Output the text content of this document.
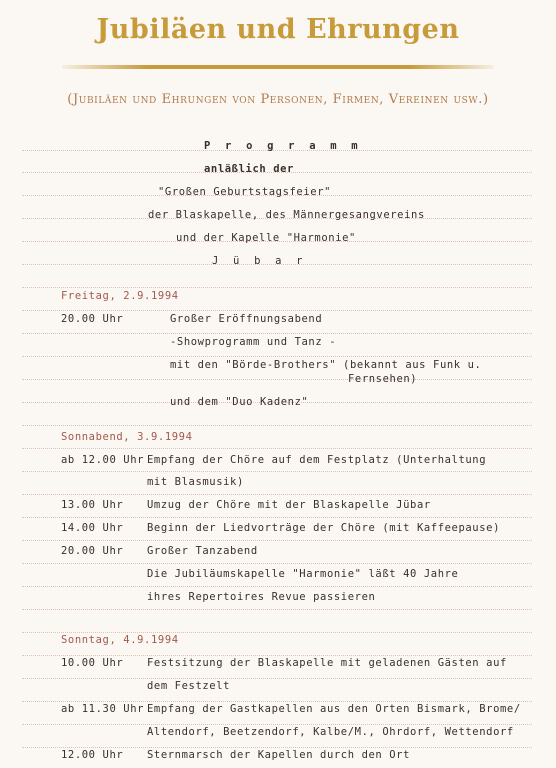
Jubiläen und Ehrungen
(Jubiläen und Ehrungen von Personen, Firmen, Vereinen usw.)
P r o g r a m m
anläßlich der
"Großen Geburtstagsfeier"
der Blaskapelle, des Männergesangvereins
und der Kapelle "Harmonie"
J ü b a r
Freitag, 2.9.1994
20.00 Uhr	Großer Eröffnungsabend
-Showprogramm und Tanz -
mit den "Börde-Brothers" (bekannt aus Funk u.
Fernsehen)
und dem "Duo Kadenz"
Sonnabend, 3.9.1994
ab 12.00 Uhr Empfang der Chöre auf dem Festplatz (Unterhaltung
mit Blasmusik)
13.00 Uhr Umzug der Chöre mit der Blaskapelle Jübar
14.00 Uhr Beginn der Liedvorträge der Chöre (mit Kaffeepause)
20.00 Uhr Großer Tanzabend
Die Jubiläumskapelle "Harmonie" läßt 40 Jahre
ihres Repertoires Revue passieren
Sonntag, 4.9.1994
10.00 Uhr Festsitzung der Blaskapelle mit geladenen Gästen auf
dem Festzelt
ab 11.30 Uhr Empfang der Gastkapellen aus den Orten Bismark, Brome/
Altendorf, Beetzendorf, Kalbe/M., Ohrdorf, Wettendorf
12.00 Uhr Sternmarsch der Kapellen durch den Ort
